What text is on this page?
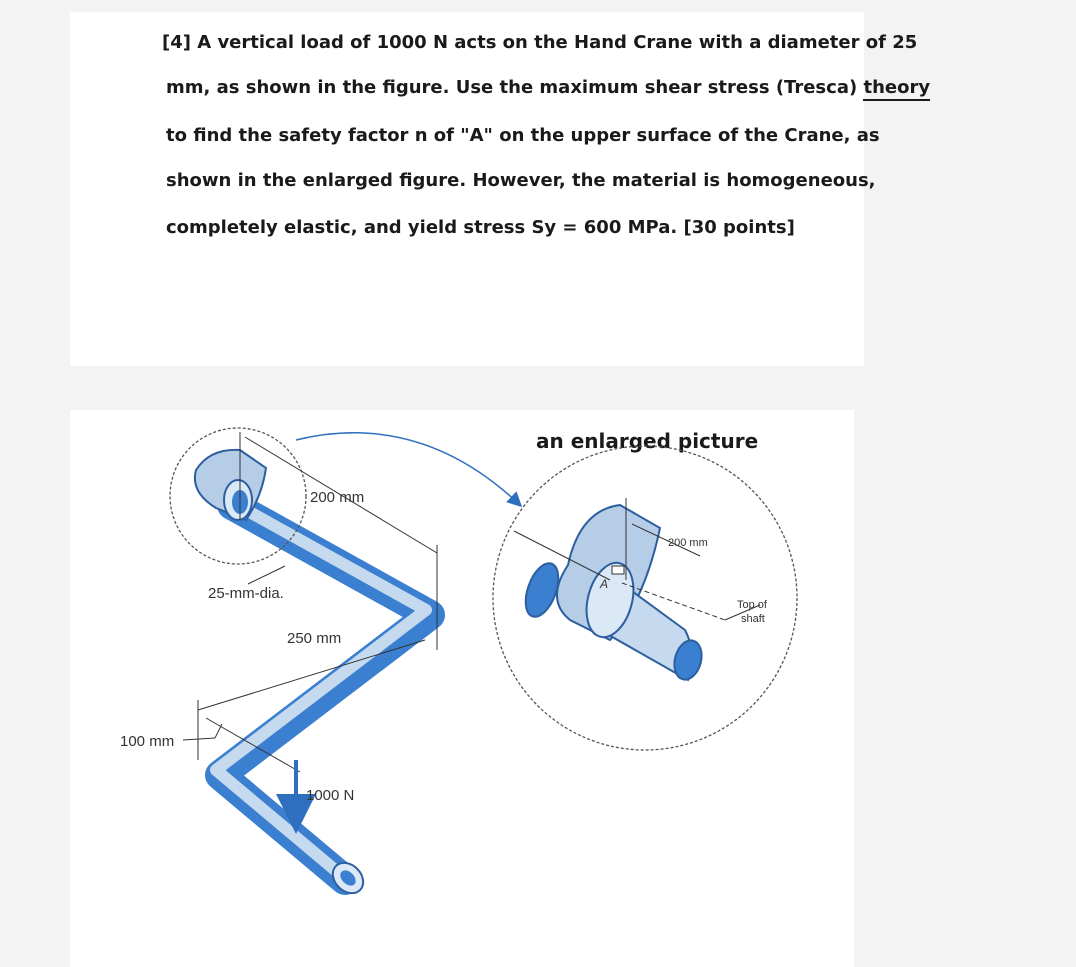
[4] A vertical load of 1000 N acts on the Hand Crane with a diameter of 25
mm, as shown in the figure. Use the maximum shear stress (Tresca) theory
to find the safety factor n of "A" on the upper surface of the Crane, as
shown in the enlarged figure. However, the material is homogeneous,
completely elastic, and yield stress Sy = 600 MPa. [30 points]
200 mm
25-mm-dia.
250 mm
100 mm
1000 N
an enlarged picture
200 mm
A
Top of
shaft
